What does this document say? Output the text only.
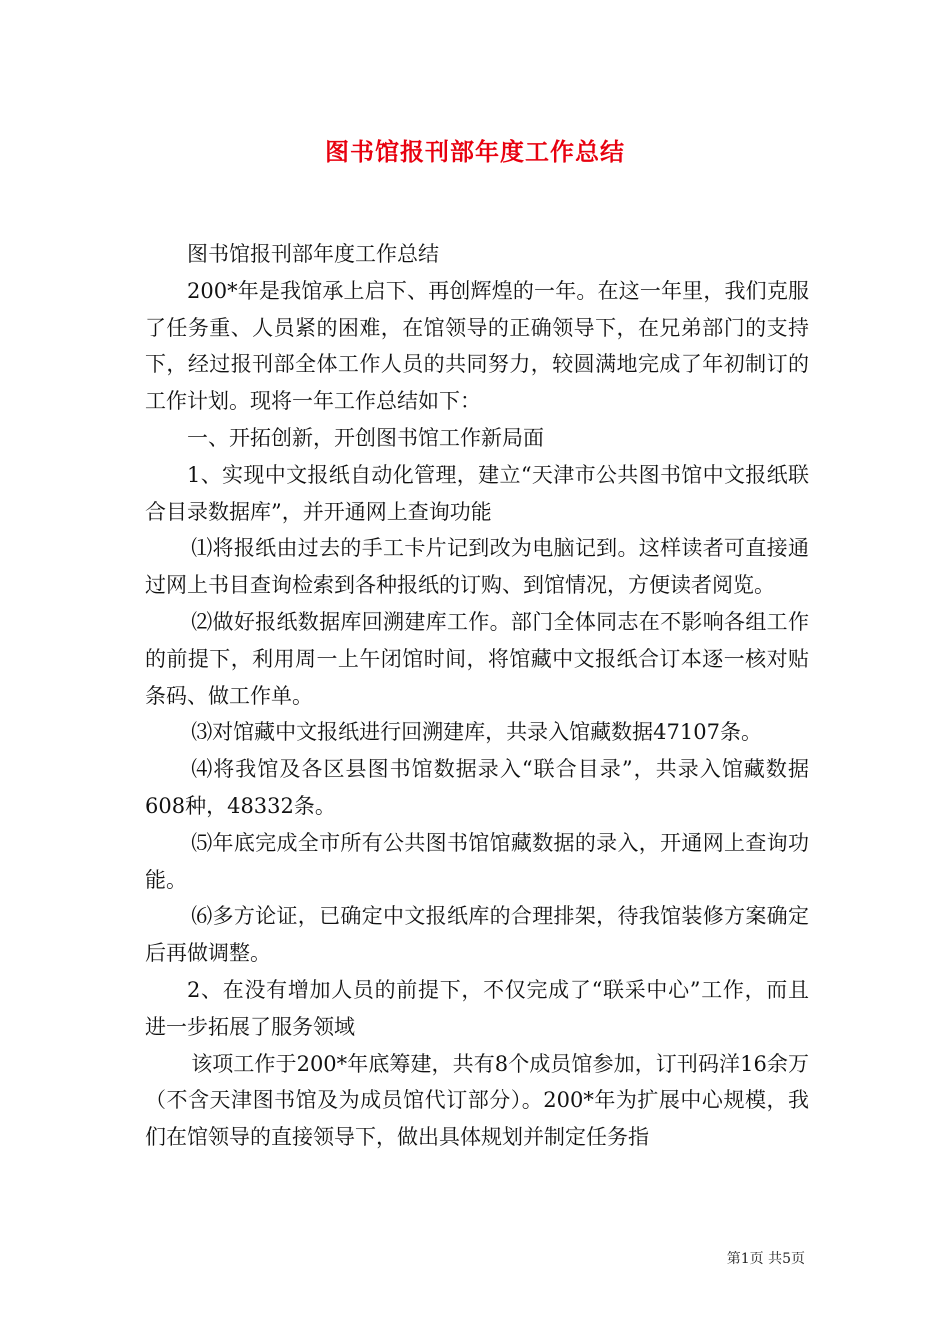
图书馆报刊部年度工作总结

图书馆报刊部年度工作总结

200*年是我馆承上启下、再创辉煌的一年。在这一年里，我们克服了任务重、人员紧的困难，在馆领导的正确领导下，在兄弟部门的支持下，经过报刊部全体工作人员的共同努力，较圆满地完成了年初制订的工作计划。现将一年工作总结如下：

一、开拓创新，开创图书馆工作新局面

1、实现中文报纸自动化管理，建立“天津市公共图书馆中文报纸联合目录数据库”，并开通网上查询功能

⑴将报纸由过去的手工卡片记到改为电脑记到。这样读者可直接通过网上书目查询检索到各种报纸的订购、到馆情况，方便读者阅览。

⑵做好报纸数据库回溯建库工作。部门全体同志在不影响各组工作的前提下，利用周一上午闭馆时间，将馆藏中文报纸合订本逐一核对贴条码、做工作单。

⑶对馆藏中文报纸进行回溯建库，共录入馆藏数据47107条。

⑷将我馆及各区县图书馆数据录入“联合目录”，共录入馆藏数据608种，48332条。

⑸年底完成全市所有公共图书馆馆藏数据的录入，开通网上查询功能。

⑹多方论证，已确定中文报纸库的合理排架，待我馆装修方案确定后再做调整。

2、在没有增加人员的前提下，不仅完成了“联采中心”工作，而且进一步拓展了服务领域

该项工作于200*年底筹建，共有8个成员馆参加，订刊码洋16余万（不含天津图书馆及为成员馆代订部分）。200*年为扩展中心规模，我们在馆领导的直接领导下，做出具体规划并制定任务指

第1页 共5页
